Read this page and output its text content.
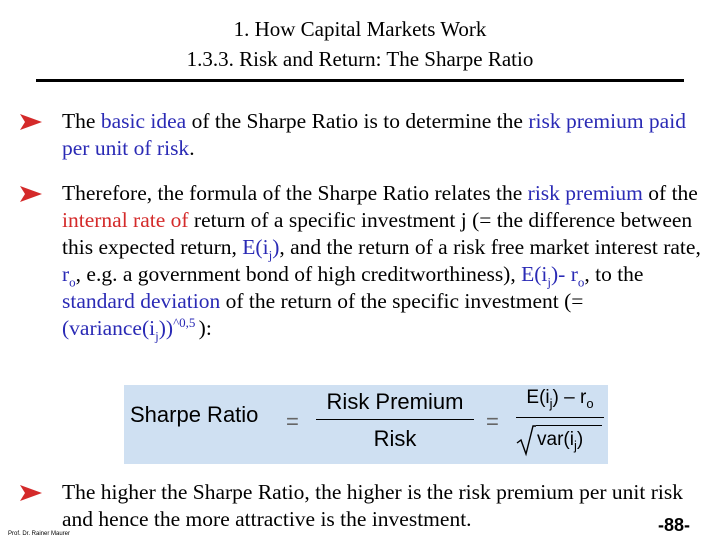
1. How Capital Markets Work
1.3.3. Risk and Return: The Sharpe Ratio
The basic idea of the Sharpe Ratio is to determine the risk premium paid per unit of risk.
Therefore, the formula of the Sharpe Ratio relates the risk premium of the internal rate of return of a specific investment j (= the difference between this expected return, $E(i_j)$, and the return of a risk free market interest rate, $r_o$, e.g. a government bond of high creditworthiness), $E(i_j)-$ $r_o$, to the standard deviation of the return of the specific investment (= $(variance(i_j))^{\^{}0,5}$ ):
Sharpe Ratio =
Risk Premium
Risk
=
$E(i_j) - r_o$
$var(i_j)$
The higher the Sharpe Ratio, the higher is the risk premium per unit risk and hence the more attractive is the investment.
Prof. Dr. Rainer Maurer	-88-
